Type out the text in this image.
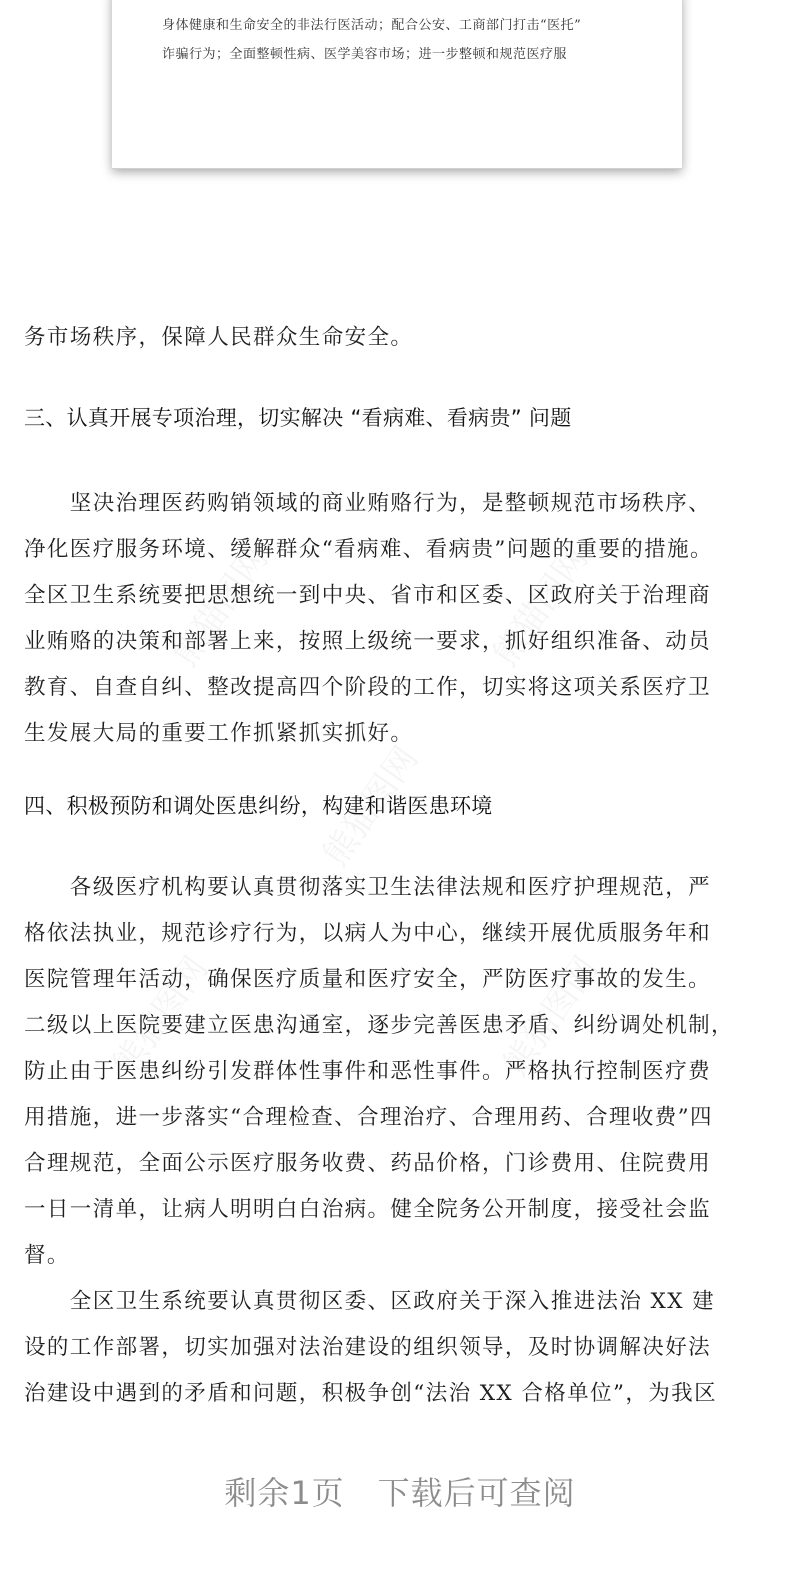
身体健康和生命安全的非法行医活动；配合公安、工商部门打击“医托”
诈骗行为；全面整顿性病、医学美容市场；进一步整顿和规范医疗服
务市场秩序，保障人民群众生命安全。
三、认真开展专项治理，切实解决 “看病难、看病贵” 问题
　　坚决治理医药购销领域的商业贿赂行为，是整顿规范市场秩序、
净化医疗服务环境、缓解群众“看病难、看病贵”问题的重要的措施。
全区卫生系统要把思想统一到中央、省市和区委、区政府关于治理商
业贿赂的决策和部署上来，按照上级统一要求，抓好组织准备、动员
教育、自查自纠、整改提高四个阶段的工作，切实将这项关系医疗卫
生发展大局的重要工作抓紧抓实抓好。
四、积极预防和调处医患纠纷，构建和谐医患环境
　　各级医疗机构要认真贯彻落实卫生法律法规和医疗护理规范，严
格依法执业，规范诊疗行为，以病人为中心，继续开展优质服务年和
医院管理年活动，确保医疗质量和医疗安全，严防医疗事故的发生。
二级以上医院要建立医患沟通室，逐步完善医患矛盾、纠纷调处机制，
防止由于医患纠纷引发群体性事件和恶性事件。严格执行控制医疗费
用措施，进一步落实“合理检查、合理治疗、合理用药、合理收费”四
合理规范，全面公示医疗服务收费、药品价格，门诊费用、住院费用
一日一清单，让病人明明白白治病。健全院务公开制度，接受社会监
督。
　　全区卫生系统要认真贯彻区委、区政府关于深入推进法治 XX 建
设的工作部署，切实加强对法治建设的组织领导，及时协调解决好法
治建设中遇到的矛盾和问题，积极争创“法治 XX 合格单位”，为我区
剩余1页　下载后可查阅
